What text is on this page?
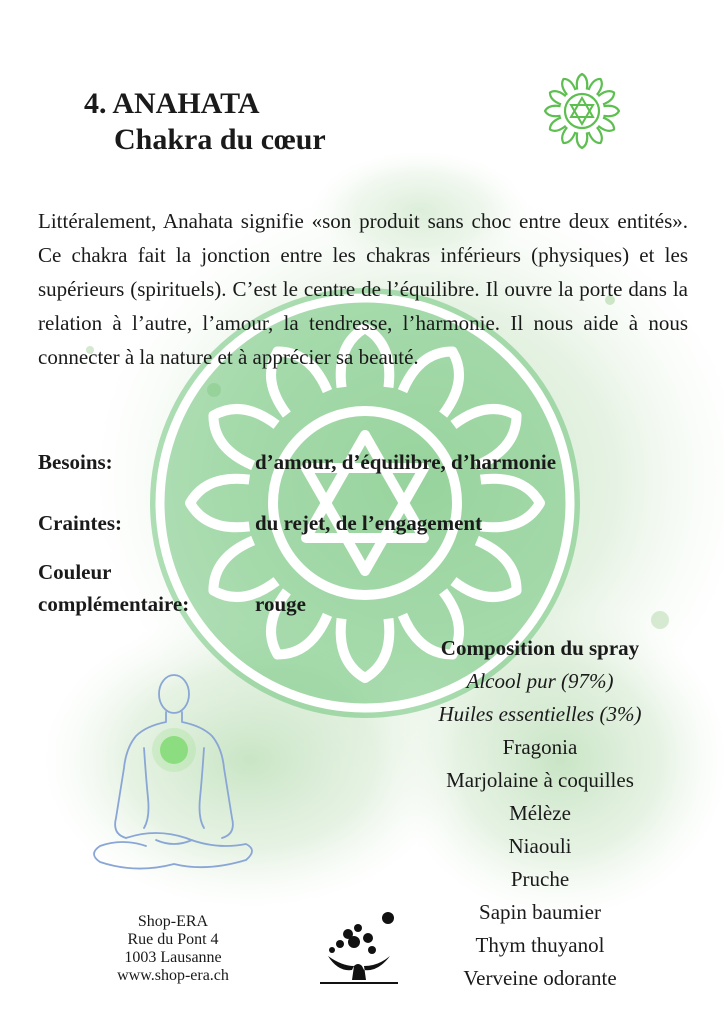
4. ANAHATA
Chakra du cœur

Littéralement, Anahata signifie «son produit sans choc entre deux entités». Ce chakra fait la jonction entre les chakras inférieurs (physiques) et les supérieurs (spirituels). C’est le centre de l’équilibre. Il ouvre la porte dans la relation à l’autre, l’amour, la tendresse, l’harmonie. Il nous aide à nous connecter à la nature et à apprécier sa beauté.

Besoins:	d’amour, d’équilibre, d’harmonie
Craintes:	du rejet, de l’engagement
Couleur
complémentaire:	rouge
Composition du spray
Alcool pur (97%)
Huiles essentielles (3%)
Fragonia
Marjolaine à coquilles
Mélèze
Niaouli
Pruche
Sapin baumier
Thym thuyanol
Verveine odorante
Shop-ERA
Rue du Pont 4
1003 Lausanne
www.shop-era.ch
